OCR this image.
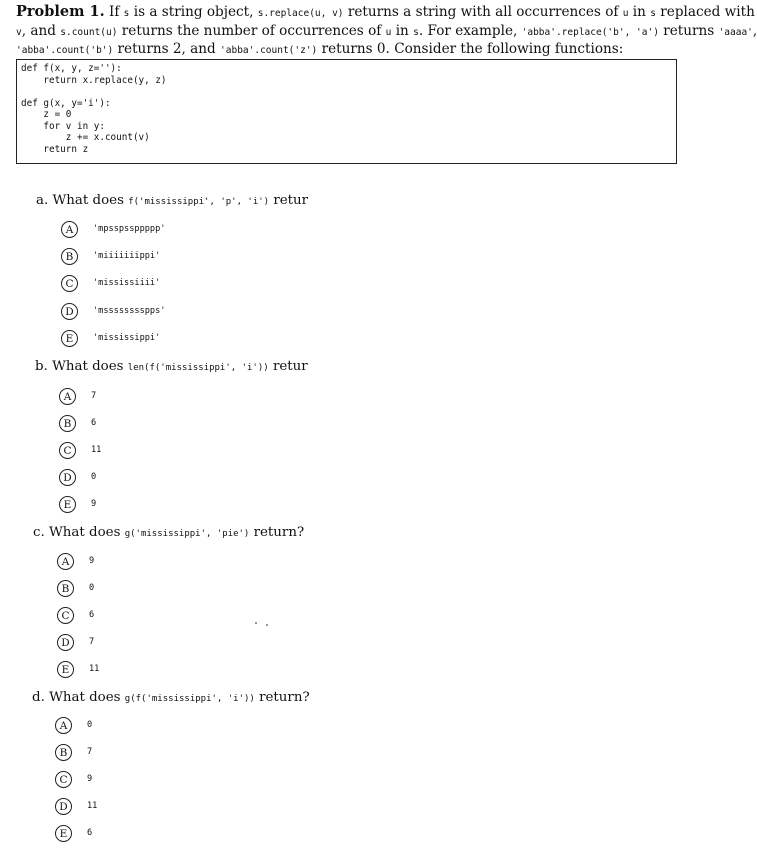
Problem 1. If s is a string object, s.replace(u, v) returns a string with all occurrences of u in s replaced with
v, and s.count(u) returns the number of occurrences of u in s. For example, 'abba'.replace('b', 'a') returns 'aaaa',
'abba'.count('b') returns 2, and 'abba'.count('z') returns 0. Consider the following functions:
def f(x, y, z=''):
return x.replace(y, z)

def g(x, y='i'):
z = 0
for v in y:
z += x.count(v)
return z
a. What does f('mississippi', 'p', 'i') retur
A	'mpsspssppppp'
B	'miiiiiiippi'
C	'mississiiii'
D	'msssssssspps'
E	'mississippi'
b. What does len(f('mississippi', 'i')) retur
A	7
B	6
C	11
D	0
E	9
c. What does g('mississippi', 'pie') return?
A	9
B	0
C	6
D	7
E	11
d. What does g(f('mississippi', 'i')) return?
A	0
B	7
C	9
D	11
E	6
